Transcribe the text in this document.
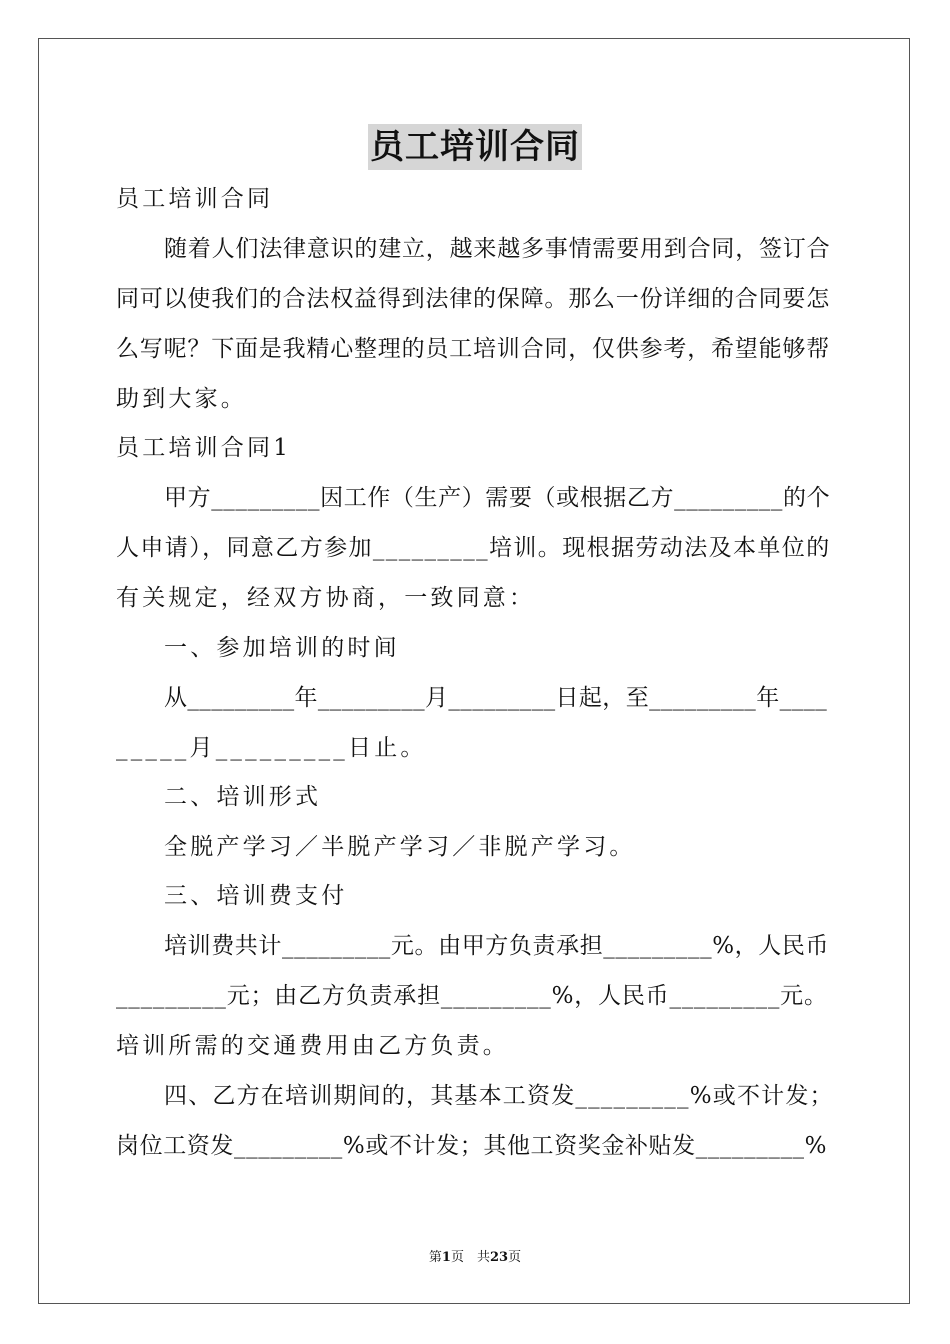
员工培训合同
员工培训合同
随着人们法律意识的建立，越来越多事情需要用到合同，签订合
同可以使我们的合法权益得到法律的保障。那么一份详细的合同要怎
么写呢？下面是我精心整理的员工培训合同，仅供参考，希望能够帮
助到大家。
员工培训合同1
甲方_________因工作（生产）需要（或根据乙方_________的个
人申请），同意乙方参加_________培训。现根据劳动法及本单位的
有关规定，经双方协商，一致同意：
一、参加培训的时间
从_________年_________月_________日起，至_________年____
_____月_________日止。
二、培训形式
全脱产学习／半脱产学习／非脱产学习。
三、培训费支付
培训费共计_________元。由甲方负责承担_________%，人民币
_________元；由乙方负责承担_________%，人民币_________元。
培训所需的交通费用由乙方负责。
四、乙方在培训期间的，其基本工资发_________%或不计发；
岗位工资发_________%或不计发；其他工资奖金补贴发_________%
第1页　共23页
